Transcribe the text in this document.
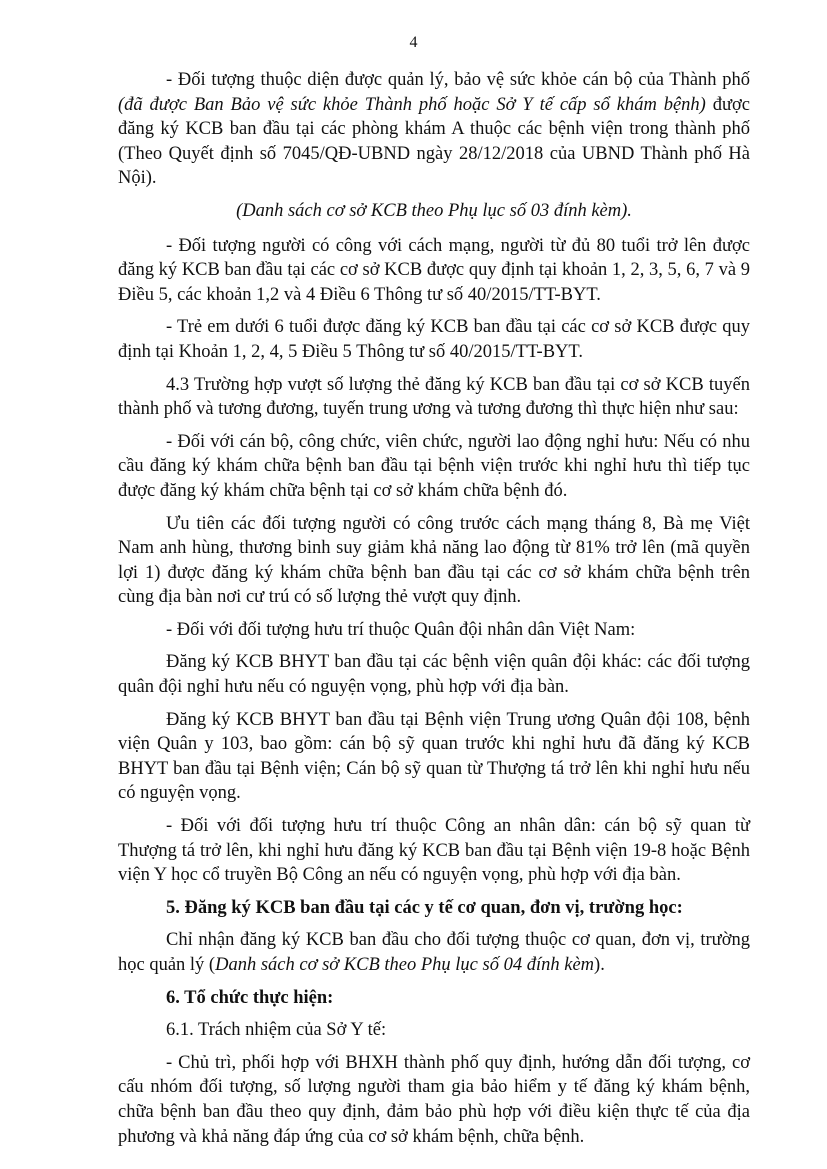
4

- Đối tượng thuộc diện được quản lý, bảo vệ sức khỏe cán bộ của Thành phố (đã được Ban Bảo vệ sức khỏe Thành phố hoặc Sở Y tế cấp sổ khám bệnh) được đăng ký KCB ban đầu tại các phòng khám A thuộc các bệnh viện trong thành phố (Theo Quyết định số 7045/QĐ-UBND ngày 28/12/2018 của UBND Thành phố Hà Nội).

(Danh sách cơ sở KCB theo Phụ lục số 03 đính kèm).

- Đối tượng người có công với cách mạng, người từ đủ 80 tuổi trở lên được đăng ký KCB ban đầu tại các cơ sở KCB được quy định tại khoản 1, 2, 3, 5, 6, 7 và 9 Điều 5, các khoản 1,2 và 4 Điều 6 Thông tư số 40/2015/TT-BYT.

- Trẻ em dưới 6 tuổi được đăng ký KCB ban đầu tại các cơ sở KCB được quy định tại Khoản 1, 2, 4, 5 Điều 5 Thông tư số 40/2015/TT-BYT.

4.3 Trường hợp vượt số lượng thẻ đăng ký KCB ban đầu tại cơ sở KCB tuyến thành phố và tương đương, tuyến trung ương và tương đương thì thực hiện như sau:

- Đối với cán bộ, công chức, viên chức, người lao động nghỉ hưu: Nếu có nhu cầu đăng ký khám chữa bệnh ban đầu tại bệnh viện trước khi nghỉ hưu thì tiếp tục được đăng ký khám chữa bệnh tại cơ sở khám chữa bệnh đó.

Ưu tiên các đối tượng người có công trước cách mạng tháng 8, Bà mẹ Việt Nam anh hùng, thương binh suy giảm khả năng lao động từ 81% trở lên (mã quyền lợi 1) được đăng ký khám chữa bệnh ban đầu tại các cơ sở khám chữa bệnh trên cùng địa bàn nơi cư trú có số lượng thẻ vượt quy định.

- Đối với đối tượng hưu trí thuộc Quân đội nhân dân Việt Nam:

Đăng ký KCB BHYT ban đầu tại các bệnh viện quân đội khác: các đối tượng quân đội nghỉ hưu nếu có nguyện vọng, phù hợp với địa bàn.

Đăng ký KCB BHYT ban đầu tại Bệnh viện Trung ương Quân đội 108, bệnh viện Quân y 103, bao gồm: cán bộ sỹ quan trước khi nghỉ hưu đã đăng ký KCB BHYT ban đầu tại Bệnh viện; Cán bộ sỹ quan từ Thượng tá trở lên khi nghỉ hưu nếu có nguyện vọng.

- Đối với đối tượng hưu trí thuộc Công an nhân dân: cán bộ sỹ quan từ Thượng tá trở lên, khi nghỉ hưu đăng ký KCB ban đầu tại Bệnh viện 19-8 hoặc Bệnh viện Y học cổ truyền Bộ Công an nếu có nguyện vọng, phù hợp với địa bàn.

5. Đăng ký KCB ban đầu tại các y tế cơ quan, đơn vị, trường học:

Chỉ nhận đăng ký KCB ban đầu cho đối tượng thuộc cơ quan, đơn vị, trường học quản lý (Danh sách cơ sở KCB theo Phụ lục số 04 đính kèm).

6. Tổ chức thực hiện:

6.1. Trách nhiệm của Sở Y tế:

- Chủ trì, phối hợp với BHXH thành phố quy định, hướng dẫn đối tượng, cơ cấu nhóm đối tượng, số lượng người tham gia bảo hiểm y tế đăng ký khám bệnh, chữa bệnh ban đầu theo quy định, đảm bảo phù hợp với điều kiện thực tế của địa phương và khả năng đáp ứng của cơ sở khám bệnh, chữa bệnh.
